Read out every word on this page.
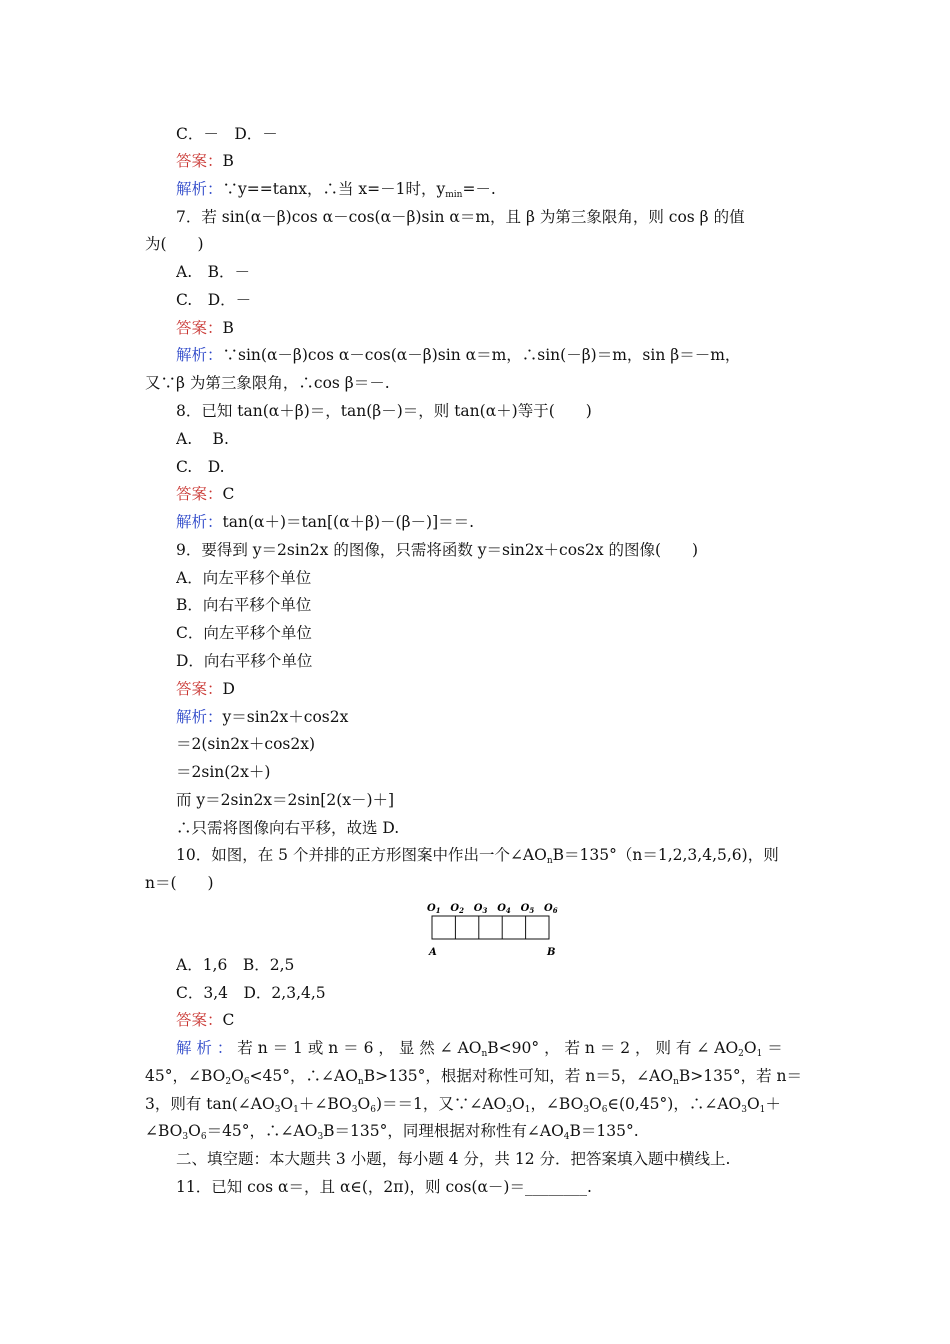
C．－　D．－
答案：B
解析：∵y==tanx，∴当 x=－1时，$y_{min}=-$.
7．若 sin(α－β)cos α－cos(α－β)sin α＝m，且 β 为第三象限角，则 cos β 的值
为(　　)
A.　B．－
C.　D．－
答案：B
解析：∵sin(α－β)cos α－cos(α－β)sin α＝m，∴sin(－β)＝m，sin β＝－m，
又∵β 为第三象限角，∴cos β＝－.
8．已知 tan(α＋β)＝，tan(β－)＝，则 tan(α＋)等于(　　)
A.　 B.
C.　D.
答案：C
解析：tan(α＋)＝tan[(α＋β)－(β－)]＝＝.
9．要得到 y＝2sin2x 的图像，只需将函数 y＝sin2x＋cos2x 的图像(　　)
A．向左平移个单位
B．向右平移个单位
C．向左平移个单位
D．向右平移个单位
答案：D
解析：y＝sin2x＋cos2x
＝2(sin2x＋cos2x)
＝2sin(2x＋)
而 y＝2sin2x＝2sin[2(x－)＋]
∴只需将图像向右平移，故选 D.
10．如图，在 5 个并排的正方形图案中作出一个$\angle AO_nB=135^\circ(n=1,2,3,4,5,6)$，则
n＝(　　)
$O_1$ $O_2$ $O_3$ $O_4$ $O_5$ $O_6$
A	B
A．1,6　B．2,5
C．3,4　D．2,3,4,5
答案：C
解 析 ： 若 n ＝ 1 或 n ＝ 6 ， 显 然 ∠ $AO_nB<90^\circ$ ， 若 n ＝ 2 ， 则 有 ∠ $AO_2O_1$ ＝
45°，$\angle BO_2O_6<45^\circ$，$\therefore\angle AO_nB>135^\circ$，根据对称性可知，若 n＝5，$\angle AO_nB>135^\circ$，若 n＝
3，则有 $\tan(\angle AO_3O_1+\angle BO_3O_6)==1$，又$\because\angle AO_3O_1$，$\angle BO_3O_6\in(0,45^\circ)$，$\therefore\angle AO_3O_1+$
$\angle BO_3O_6=45^\circ$，$\therefore\angle AO_3B=135^\circ$，同理根据对称性有$\angle AO_4B=135^\circ$.
二、填空题：本大题共 3 小题，每小题 4 分，共 12 分．把答案填入题中横线上.
11．已知 cos α＝，且 α∈(，2π)，则 cos(α－)＝________.
